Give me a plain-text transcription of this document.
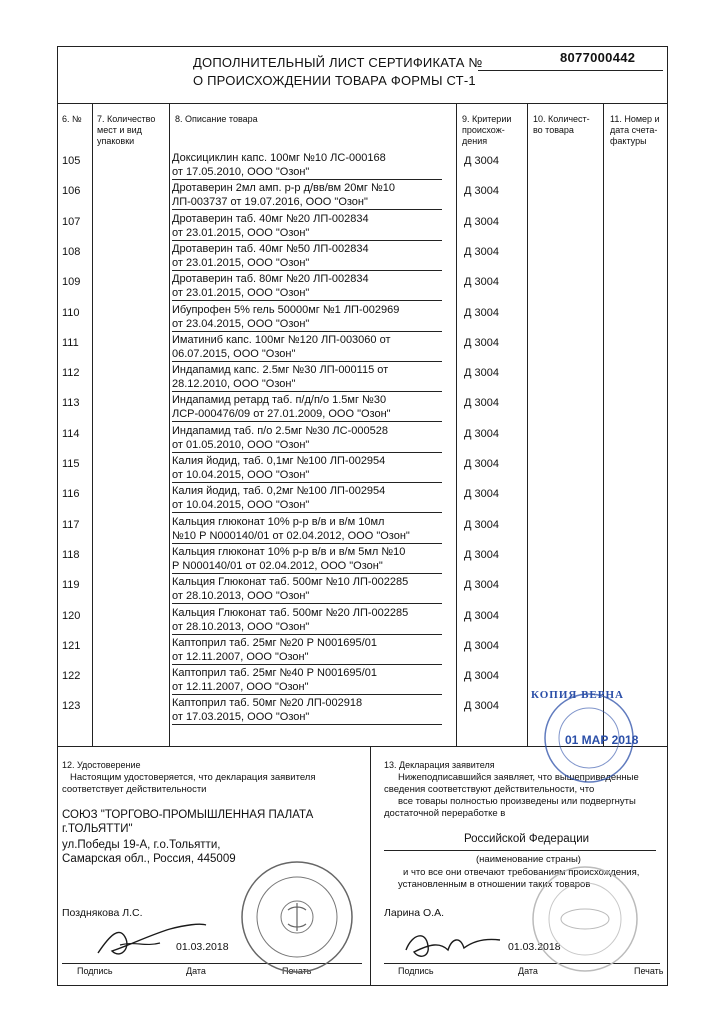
ДОПОЛНИТЕЛЬНЫЙ ЛИСТ СЕРТИФИКАТА №
О ПРОИСХОЖДЕНИИ ТОВАРА ФОРМЫ СТ-1
8077000442
6. №	7. Количество мест и вид упаковки
8. Описание товара	9. Критерии происхож-дения
10. Количест-во товара
11. Номер и дата счета-фактуры
105	Доксициклин капс. 100мг №10 ЛС-000168
от 17.05.2010, ООО "Озон"
Д 3004
106	Дротаверин 2мл амп. р-р д/вв/вм 20мг №10
ЛП-003737 от 19.07.2016, ООО "Озон"
Д 3004
107	Дротаверин таб. 40мг №20 ЛП-002834
от 23.01.2015, ООО "Озон"
Д 3004
108	Дротаверин таб. 40мг №50 ЛП-002834
от 23.01.2015, ООО "Озон"
Д 3004
109	Дротаверин таб. 80мг №20 ЛП-002834
от 23.01.2015, ООО "Озон"
Д 3004
110	Ибупрофен 5% гель 50000мг №1 ЛП-002969
от 23.04.2015, ООО "Озон"
Д 3004
111	Иматиниб капс. 100мг №120 ЛП-003060 от
06.07.2015, ООО "Озон"
Д 3004
112	Индапамид капс. 2.5мг №30 ЛП-000115 от
28.12.2010, ООО "Озон"
Д 3004
113	Индапамид ретард таб. п/д/п/о 1.5мг №30
ЛСР-000476/09 от 27.01.2009, ООО "Озон"
Д 3004
114	Индапамид таб. п/о 2.5мг №30 ЛС-000528
от 01.05.2010, ООО "Озон"
Д 3004
115	Калия йодид, таб. 0,1мг №100 ЛП-002954
от 10.04.2015, ООО "Озон"
Д 3004
116	Калия йодид, таб. 0,2мг №100 ЛП-002954
от 10.04.2015, ООО "Озон"
Д 3004
117	Кальция глюконат 10% р-р в/в и в/м 10мл
№10 Р N000140/01 от 02.04.2012, ООО "Озон"
Д 3004
118	Кальция глюконат 10% р-р в/в и в/м 5мл №10
Р N000140/01 от 02.04.2012, ООО "Озон"
Д 3004
119	Кальция Глюконат таб. 500мг №10 ЛП-002285
от 28.10.2013, ООО "Озон"
Д 3004
120	Кальция Глюконат таб. 500мг №20 ЛП-002285
от 28.10.2013, ООО "Озон"
Д 3004
121	Каптоприл таб. 25мг №20 Р N001695/01
от 12.11.2007, ООО "Озон"
Д 3004
122	Каптоприл таб. 25мг №40 Р N001695/01
от 12.11.2007, ООО "Озон"
Д 3004
123	Каптоприл таб. 50мг №20 ЛП-002918
от 17.03.2015, ООО "Озон"
Д 3004
12. Удостоверение
Настоящим удостоверяется, что декларация заявителя
соответствует действительности
СОЮЗ "ТОРГОВО-ПРОМЫШЛЕННАЯ ПАЛАТА
г.ТОЛЬЯТТИ"
ул.Победы 19-А, г.о.Тольятти,
Самарская обл., Россия, 445009
Позднякова Л.С.
01.03.2018
Подпись	Дата	Печать
13. Декларация заявителя
Нижеподписавшийся заявляет, что вышеприведенные
сведения соответствуют действительности, что
все товары полностью произведены или подвергнуты
достаточной переработке в
Российской Федерации
(наименование страны)
и что все они отвечают требованиям происхождения,
установленным в отношении таких товаров
Ларина О.А.
01.03.2018
Подпись	Дата	Печать
КОПИЯ ВЕРНА
01 МАР 2018
